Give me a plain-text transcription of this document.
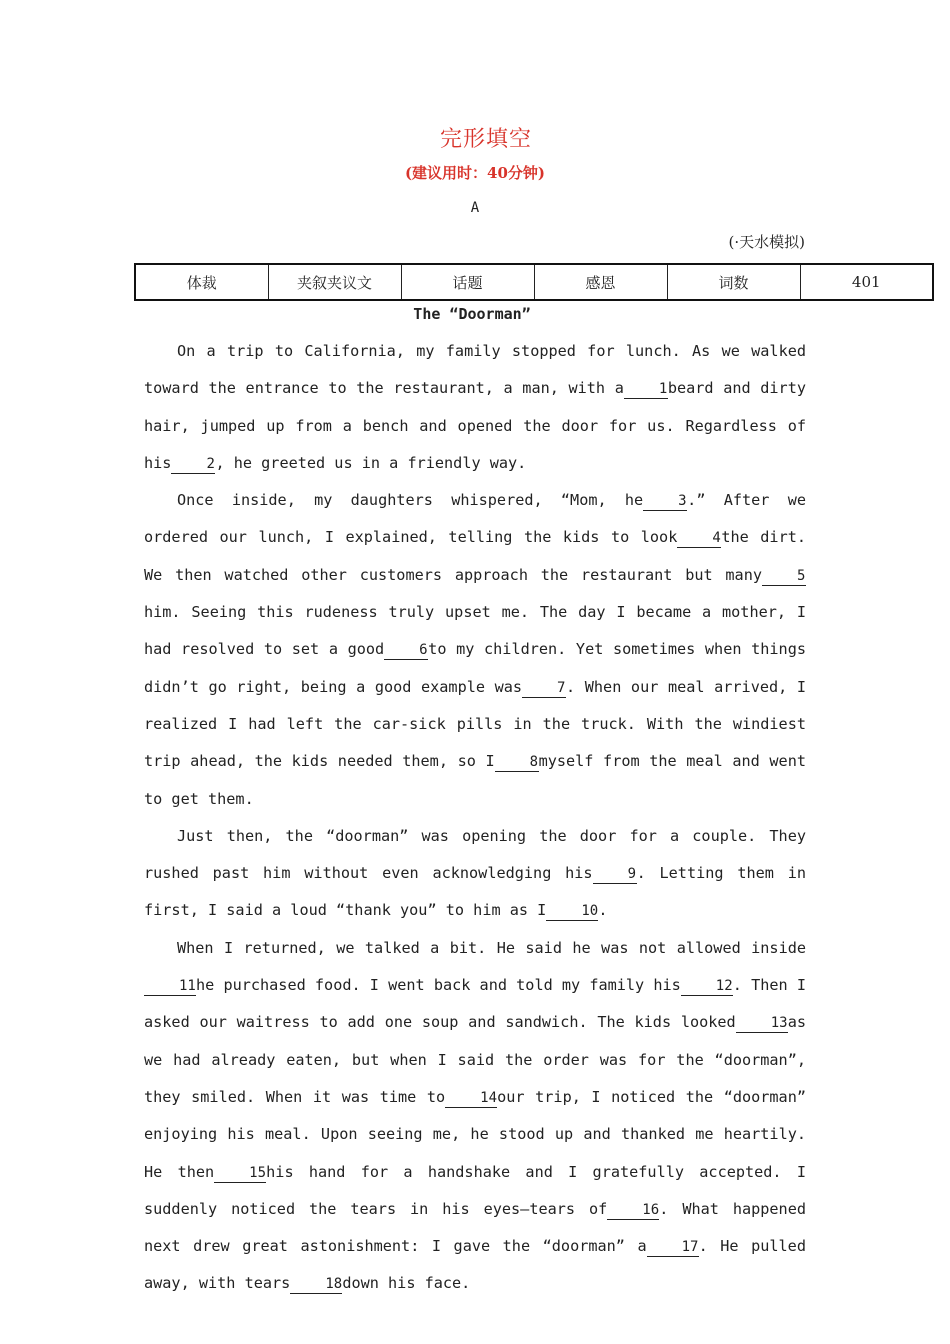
完形填空
(建议用时：40分钟)
A
(·天水模拟)
体裁	夹叙夹议文	话题	感恩	词数	401
The “Doorman”

On a trip to California, my family stopped for lunch. As we walked toward the entrance to the restaurant, a man, with a	1beard and dirty hair, jumped up from a bench and opened the door for us. Regardless of his	2, he greeted us in a friendly way.

Once inside, my daughters whispered, “Mom, he	3.” After we ordered our lunch, I explained, telling the kids to look	4the dirt. We then watched other customers approach the restaurant but many	5him. Seeing this rudeness truly upset me. The day I became a mother, I had resolved to set a good	6to my children. Yet sometimes when things didn’t go right, being a good example was	7. When our meal arrived, I realized I had left the car-sick pills in the truck. With the windiest trip ahead, the kids needed them, so I	8myself from the meal and went to get them.

Just then, the “doorman” was opening the door for a couple. They rushed past him without even acknowledging his	9. Letting them in first, I said a loud “thank you” to him as I	10.

When I returned, we talked a bit. He said he was not allowed inside11he purchased food. I went back and told my family his	12. Then I asked our waitress to add one soup and sandwich. The kids looked	13as we had already eaten, but when I said the order was for the “doorman”, they smiled. When it was time to	14our trip, I noticed the “doorman” enjoying his meal. Upon seeing me, he stood up and thanked me heartily. He then	15his hand for a handshake and I gratefully accepted. I suddenly noticed the tears in his eyes—tears of	16. What happened next drew great astonishment: I gave the “doorman” a	17. He pulled away, with tears	18down his face.
